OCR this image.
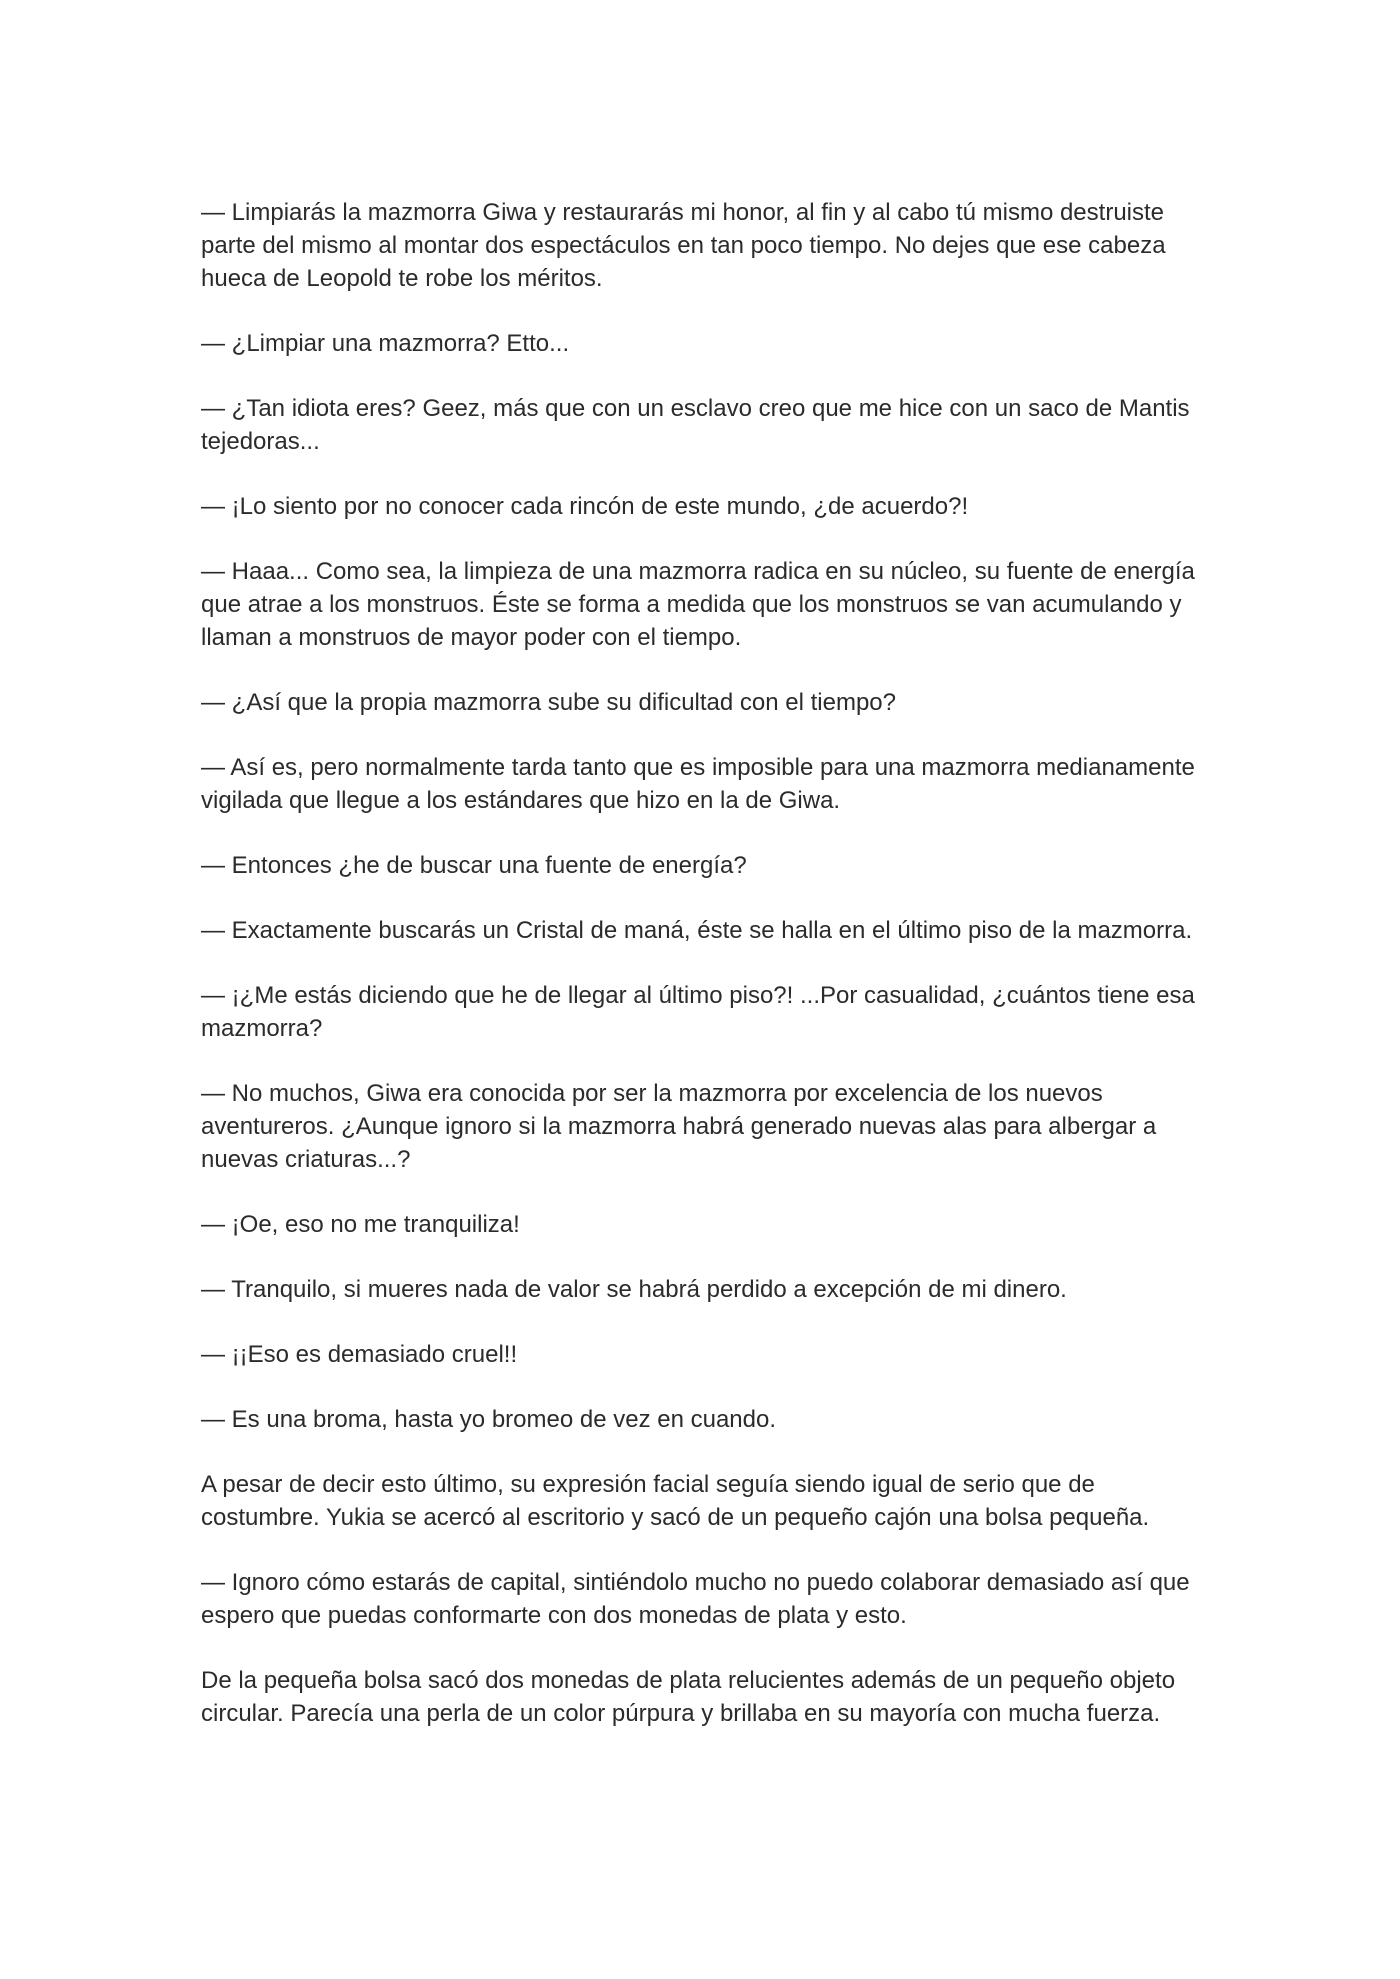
— Limpiarás la mazmorra Giwa y restaurarás mi honor, al fin y al cabo tú mismo destruiste parte del mismo al montar dos espectáculos en tan poco tiempo. No dejes que ese cabeza hueca de Leopold te robe los méritos.

— ¿Limpiar una mazmorra? Etto...

— ¿Tan idiota eres? Geez, más que con un esclavo creo que me hice con un saco de Mantis tejedoras...

— ¡Lo siento por no conocer cada rincón de este mundo, ¿de acuerdo?!

— Haaa... Como sea, la limpieza de una mazmorra radica en su núcleo, su fuente de energía que atrae a los monstruos. Éste se forma a medida que los monstruos se van acumulando y llaman a monstruos de mayor poder con el tiempo.

— ¿Así que la propia mazmorra sube su dificultad con el tiempo?

— Así es, pero normalmente tarda tanto que es imposible para una mazmorra medianamente vigilada que llegue a los estándares que hizo en la de Giwa.

— Entonces ¿he de buscar una fuente de energía?

— Exactamente buscarás un Cristal de maná, éste se halla en el último piso de la mazmorra.

— ¡¿Me estás diciendo que he de llegar al último piso?! ...Por casualidad, ¿cuántos tiene esa mazmorra?

— No muchos, Giwa era conocida por ser la mazmorra por excelencia de los nuevos aventureros. ¿Aunque ignoro si la mazmorra habrá generado nuevas alas para albergar a nuevas criaturas...?

— ¡Oe, eso no me tranquiliza!

— Tranquilo, si mueres nada de valor se habrá perdido a excepción de mi dinero.

— ¡¡Eso es demasiado cruel!!

— Es una broma, hasta yo bromeo de vez en cuando.

A pesar de decir esto último, su expresión facial seguía siendo igual de serio que de costumbre. Yukia se acercó al escritorio y sacó de un pequeño cajón una bolsa pequeña.

— Ignoro cómo estarás de capital, sintiéndolo mucho no puedo colaborar demasiado así que espero que puedas conformarte con dos monedas de plata y esto.

De la pequeña bolsa sacó dos monedas de plata relucientes además de un pequeño objeto circular. Parecía una perla de un color púrpura y brillaba en su mayoría con mucha fuerza.
